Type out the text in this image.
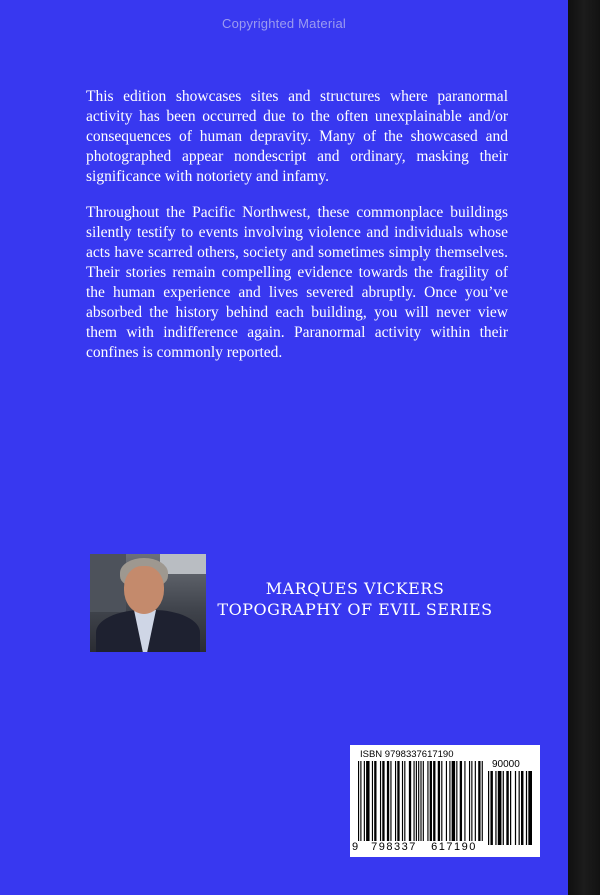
Copyrighted Material
This edition showcases sites and structures where paranormal activity has been occurred due to the often unexplainable and/or consequences of human depravity. Many of the showcased and photographed appear nondescript and ordinary, masking their significance with notoriety and infamy.
Throughout the Pacific Northwest, these commonplace buildings silently testify to events involving violence and individuals whose acts have scarred others, society and sometimes simply themselves. Their stories remain compelling evidence towards the fragility of the human experience and lives severed abruptly. Once you’ve absorbed the history behind each building, you will never view them with indifference again. Paranormal activity within their confines is commonly reported.
MARQUES VICKERS
TOPOGRAPHY OF EVIL SERIES
ISBN 9798337617190
90000
9	798337	617190
